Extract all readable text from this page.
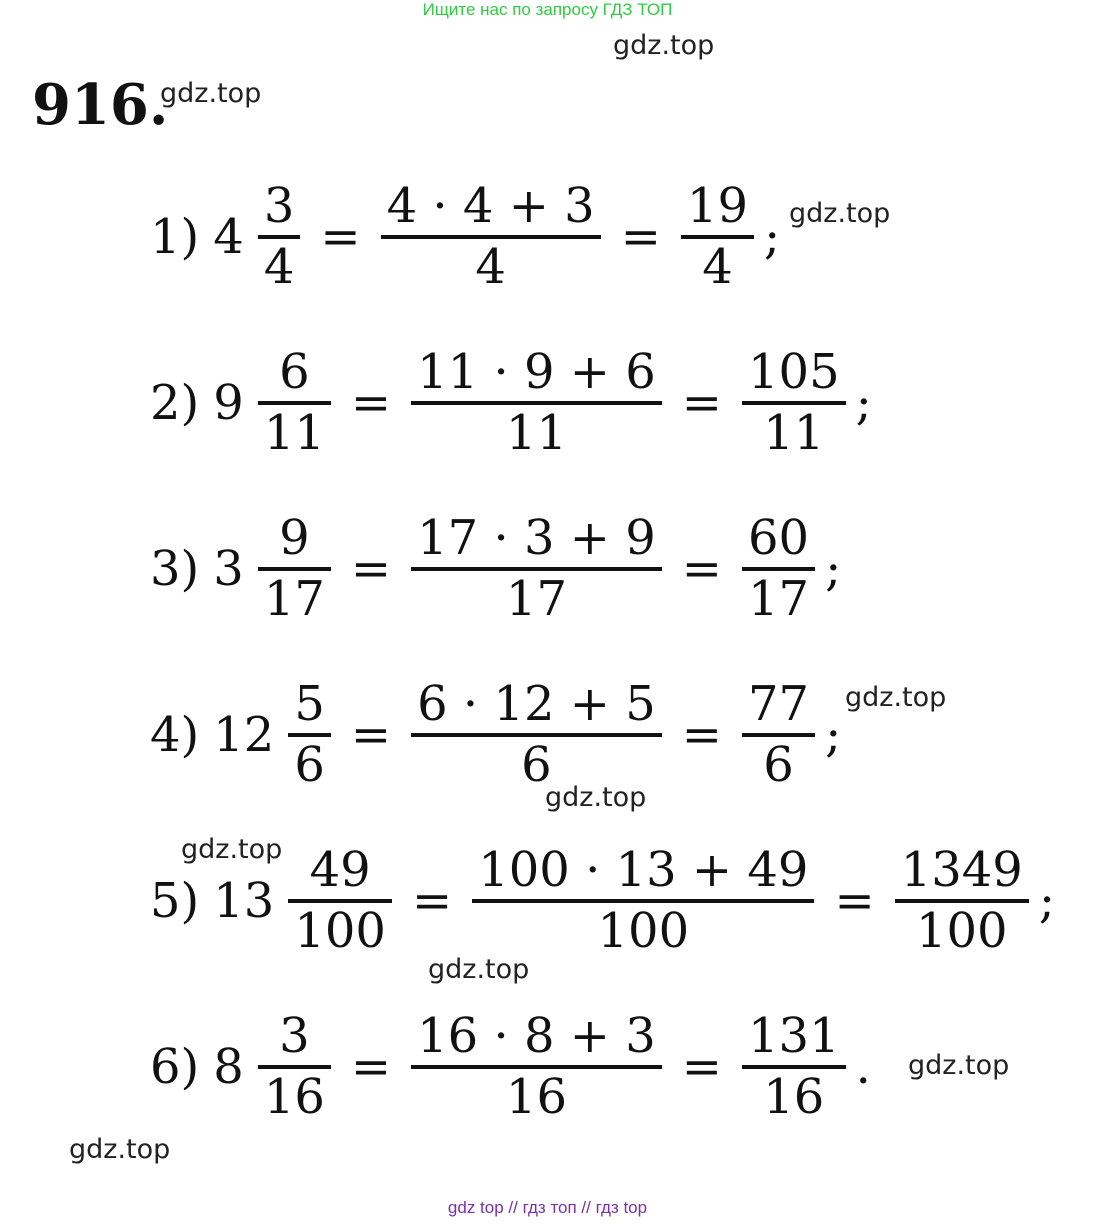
Ищите нас по запросу ГДЗ ТОП
gdz.top
916.
gdz.top
gdz.top
gdz.top
gdz.top
gdz.top
gdz.top
gdz.top
gdz.top
1) $4 \frac{3}{4} = \frac{4 \cdot 4 + 3}{4} = \frac{19}{4}$ ;
2) $9 \frac{6}{11} = \frac{11 \cdot 9 + 6}{11} = \frac{105}{11}$ ;
3) $3 \frac{9}{17} = \frac{17 \cdot 3 + 9}{17} = \frac{60}{17}$ ;
4) $12 \frac{5}{6} = \frac{6 \cdot 12 + 5}{6} = \frac{77}{6}$ ;
5) $13 \frac{49}{100} = \frac{100 \cdot 13 + 49}{100} = \frac{1349}{100}$ ;
6) $8 \frac{3}{16} = \frac{16 \cdot 8 + 3}{16} = \frac{131}{16}$ .
gdz top // гдз топ // гдз top
